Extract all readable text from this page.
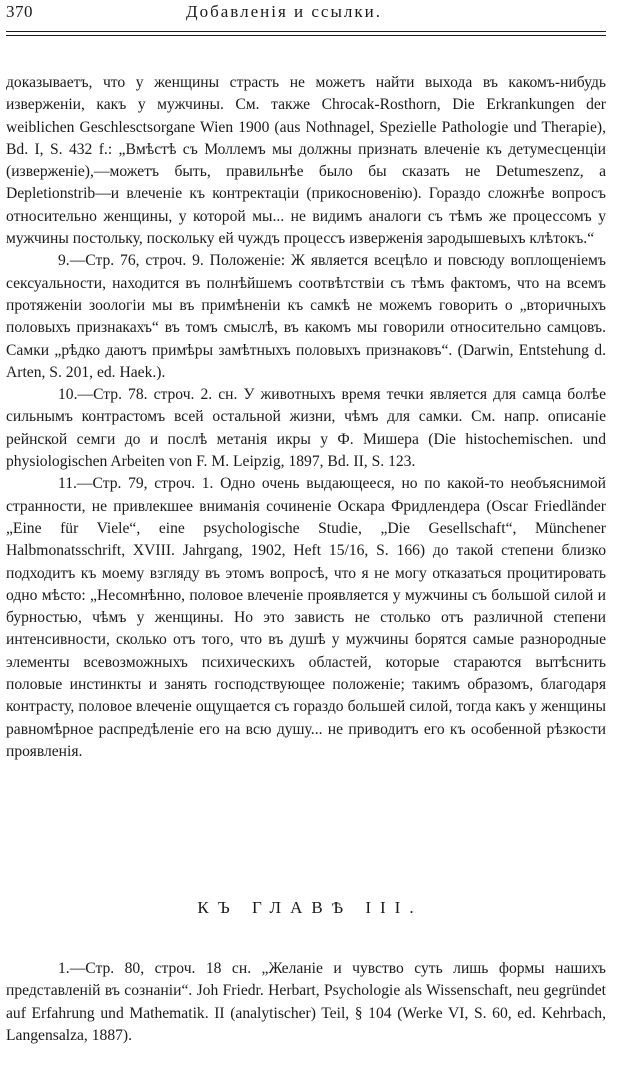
370	Добавленія и ссылки.

доказываетъ, что у женщины страсть не можетъ найти выхода въ какомъ-нибудь изверженіи, какъ у мужчины. См. также Chrocak-Rosthorn, Die Erkrankungen der weiblichen Geschlesctsorgane Wien 1900 (aus Nothnagel, Spezielle Pathologie und Therapie), Bd. I, S. 432 f.: „Вмѣстѣ съ Моллемъ мы должны признать влеченіе къ детумесценціи (изверженіе),—можетъ быть, правильнѣе было бы сказать не Detumeszenz, a Depletionstrib—и влеченіе къ контректаціи (прикосновенію). Гораздо сложнѣе вопросъ относительно женщины, у которой мы... не видимъ аналоги съ тѣмъ же процессомъ у мужчины постольку, поскольку ей чуждъ процессъ изверженія зародышевыхъ клѣтокъ.“

9.—Стр. 76, строч. 9. Положеніе: Ж является всецѣло и повсюду воплощеніемъ сексуальности, находится въ полнѣйшемъ соотвѣтствіи съ тѣмъ фактомъ, что на всемъ протяженіи зоологіи мы въ примѣненіи къ самкѣ не можемъ говорить о „вторичныхъ половыхъ признакахъ“ въ томъ смыслѣ, въ какомъ мы говорили относительно самцовъ. Самки „рѣдко даютъ примѣры замѣтныхъ половыхъ признаковъ“. (Darwin, Entstehung d. Arten, S. 201, ed. Haek.).

10.—Стр. 78. строч. 2. сн. У животныхъ время течки является для самца болѣе сильнымъ контрастомъ всей остальной жизни, чѣмъ для самки. См. напр. описаніе рейнской семги до и послѣ метанія икры у Ф. Мишера (Die histochemischen. und physiologischen Arbeiten von F. M. Leipzig, 1897, Bd. II, S. 123.

11.—Стр. 79, строч. 1. Одно очень выдающееся, но по какой-то необъяснимой странности, не привлекшее вниманія сочиненіе Оскара Фридлендера (Oscar Friedländer „Eine für Viele“, eine psychologische Studie, „Die Gesellschaft“, Münchener Halbmonatsschrift, XVIII. Jahrgang, 1902, Heft 15/16, S. 166) до такой степени близко подходитъ къ моему взгляду въ этомъ вопросѣ, что я не могу отказаться процитировать одно мѣсто: „Несомнѣнно, половое влеченіе проявляется у мужчины съ большой силой и бурностью, чѣмъ у женщины. Но это зависть не столько отъ различной степени интенсивности, сколько отъ того, что въ душѣ у мужчины борятся самые разнородные элементы всевозможныхъ психическихъ областей, которые стараются вытѣснить половые инстинкты и занять господствующее положеніе; такимъ образомъ, благодаря контрасту, половое влеченіе ощущается съ гораздо большей силой, тогда какъ у женщины равномѣрное распредѣленіе его на всю душу... не приводитъ его къ особенной рѣзкости проявленія.

КЪ ГЛАВѢ III.

1.—Стр. 80, строч. 18 сн. „Желаніе и чувство суть лишь формы нашихъ представленій въ сознаніи“. Joh Friedr. Herbart, Psychologie als Wissenschaft, neu gegründet auf Erfahrung und Mathematik. II (analytischer) Teil, § 104 (Werke VI, S. 60, ed. Kehrbach, Langensalza, 1887).
